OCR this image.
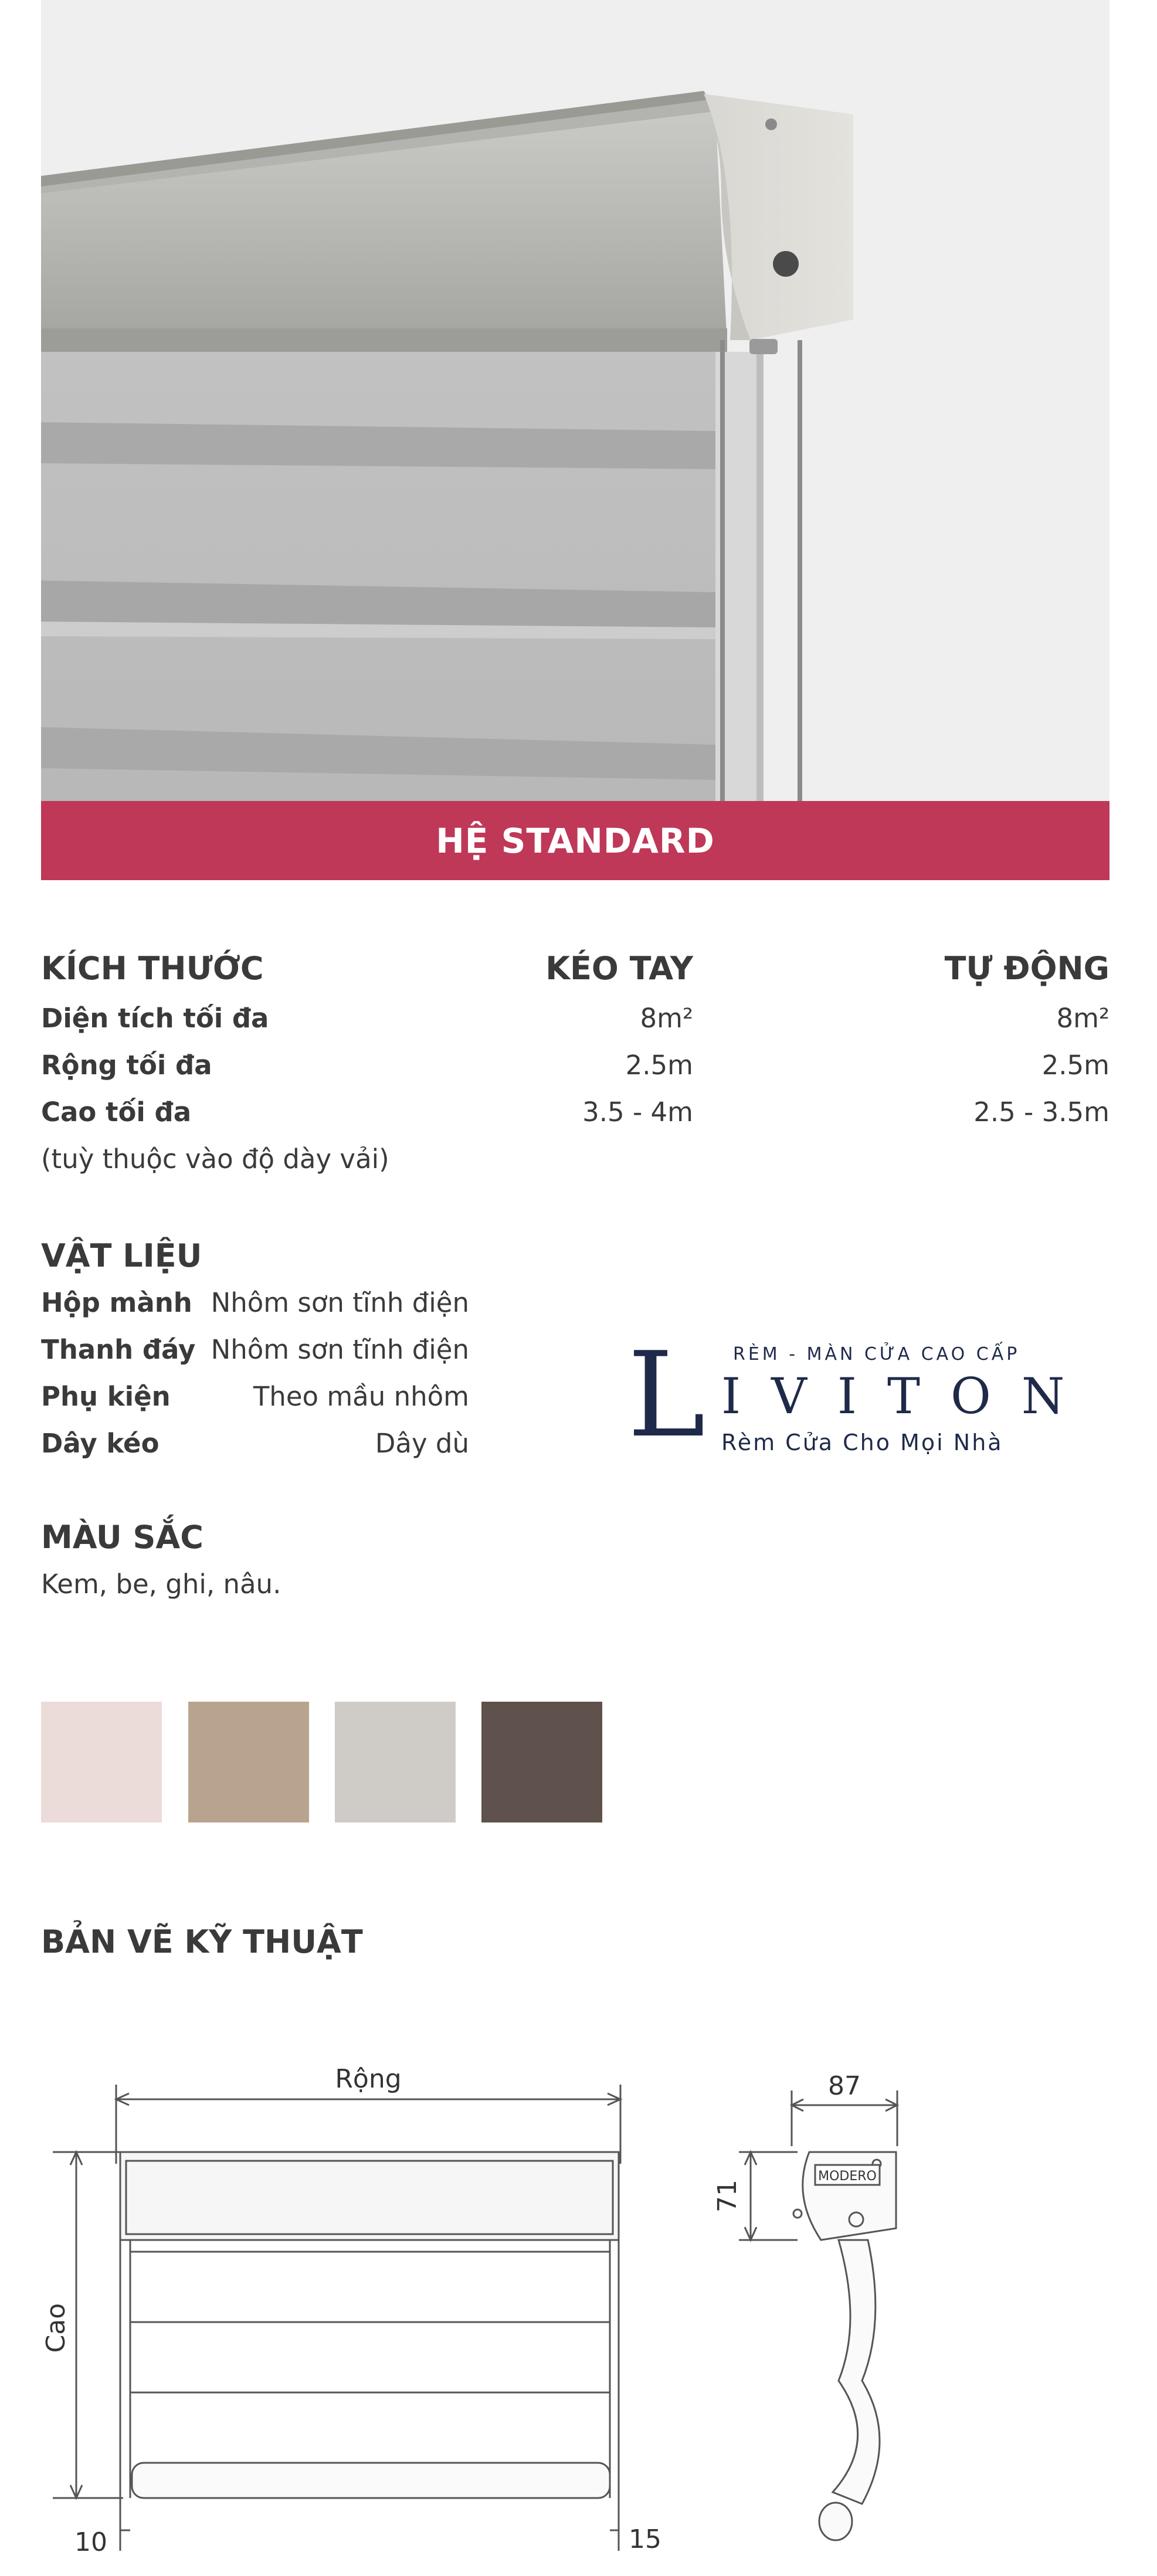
HỆ STANDARD
KÍCH THƯỚC	KÉO TAY	TỰ ĐỘNG
Diện tích tối đa	8m²	8m²
Rộng tối đa	2.5m	2.5m
Cao tối đa	3.5 - 4m	2.5 - 3.5m
(tuỳ thuộc vào độ dày vải)
VẬT LIỆU
Hộp mành Nhôm sơn tĩnh điện
Thanh đáy Nhôm sơn tĩnh điện
Phụ kiện	Theo mầu nhôm
Dây kéo	Dây dù L RÈM - MÀN CỬA CAO CẤP
IVITON
Rèm Cửa Cho Mọi Nhà
MÀU SẮC
Kem, be, ghi, nâu.
BẢN VẼ KỸ THUẬT
Rộng
Cao
10	15
87
71
MODERO
